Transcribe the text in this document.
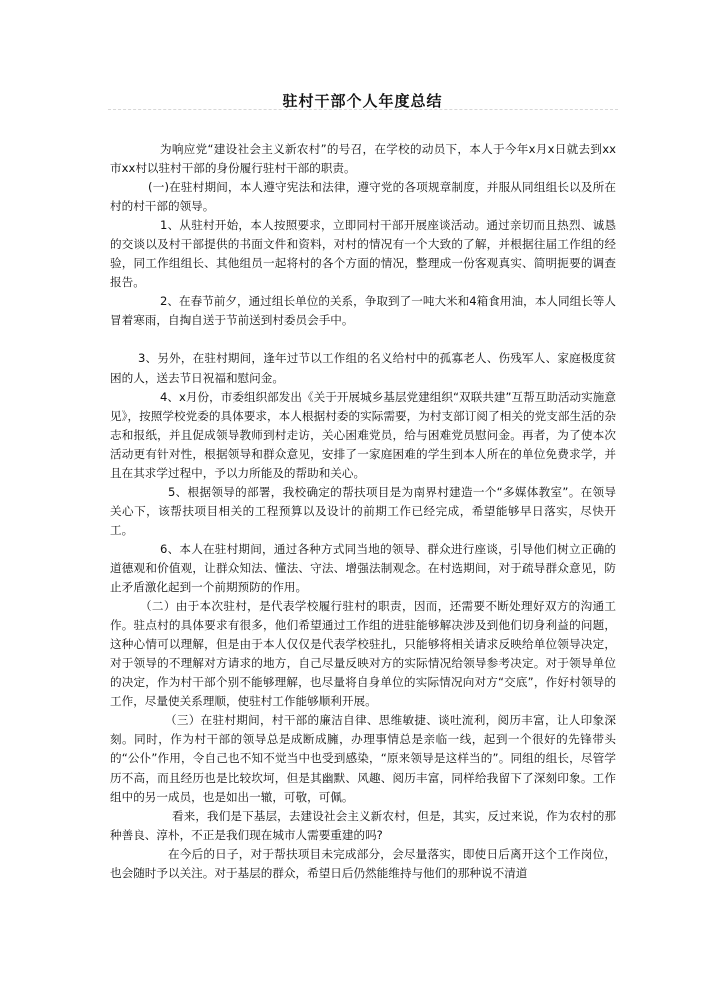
驻村干部个人年度总结

为响应党“建设社会主义新农村”的号召，在学校的动员下，本人于今年x月x日就去到xx市xx村以驻村干部的身份履行驻村干部的职责。

(一)在驻村期间，本人遵守宪法和法律，遵守党的各项规章制度，并服从同组组长以及所在村的村干部的领导。

1、从驻村开始，本人按照要求，立即同村干部开展座谈活动。通过亲切而且热烈、诚恳的交谈以及村干部提供的书面文件和资料，对村的情况有一个大致的了解，并根据往届工作组的经验，同工作组组长、其他组员一起将村的各个方面的情况，整理成一份客观真实、简明扼要的调查报告。

2、在春节前夕，通过组长单位的关系，争取到了一吨大米和4箱食用油，本人同组长等人冒着寒雨，自掏自送于节前送到村委员会手中。

3、另外，在驻村期间，逢年过节以工作组的名义给村中的孤寡老人、伤残军人、家庭极度贫困的人，送去节日祝福和慰问金。

4、x月份，市委组织部发出《关于开展城乡基层党建组织“双联共建”互帮互助活动实施意见》，按照学校党委的具体要求，本人根据村委的实际需要，为村支部订阅了相关的党支部生活的杂志和报纸，并且促成领导教师到村走访，关心困难党员，给与困难党员慰问金。再者，为了使本次活动更有针对性，根据领导和群众意见，安排了一家庭困难的学生到本人所在的单位免费求学，并且在其求学过程中，予以力所能及的帮助和关心。

5、根据领导的部署，我校确定的帮扶项目是为南界村建造一个“多媒体教室”。在领导关心下，该帮扶项目相关的工程预算以及设计的前期工作已经完成，希望能够早日落实，尽快开工。

6、本人在驻村期间，通过各种方式同当地的领导、群众进行座谈，引导他们树立正确的道德观和价值观，让群众知法、懂法、守法、增强法制观念。在村选期间，对于疏导群众意见，防止矛盾激化起到一个前期预防的作用。

（二）由于本次驻村，是代表学校履行驻村的职责，因而，还需要不断处理好双方的沟通工作。驻点村的具体要求有很多，他们希望通过工作组的进驻能够解决涉及到他们切身利益的问题，这种心情可以理解，但是由于本人仅仅是代表学校驻扎，只能够将相关请求反映给单位领导决定，对于领导的不理解对方请求的地方，自己尽量反映对方的实际情况给领导参考决定。对于领导单位的决定，作为村干部个别不能够理解，也尽量将自身单位的实际情况向对方“交底”，作好村领导的工作，尽量使关系理顺，使驻村工作能够顺利开展。

（三）在驻村期间，村干部的廉洁自律、思维敏捷、谈吐流利，阅历丰富，让人印象深刻。同时，作为村干部的领导总是成断成臃，办理事情总是亲临一线，起到一个很好的先锋带头的“公仆”作用，令自己也不知不觉当中也受到感染，“原来领导是这样当的”。同组的组长，尽管学历不高，而且经历也是比较坎坷，但是其幽默、风趣、阅历丰富，同样给我留下了深刻印象。工作组中的另一成员，也是如出一辙，可敬，可佩。

看来，我们是下基层，去建设社会主义新农村，但是，其实，反过来说，作为农村的那种善良、淳朴，不正是我们现在城市人需要重建的吗?

在今后的日子，对于帮扶项目未完成部分，会尽量落实，即使日后离开这个工作岗位，也会随时予以关注。对于基层的群众，希望日后仍然能维持与他们的那种说不清道
